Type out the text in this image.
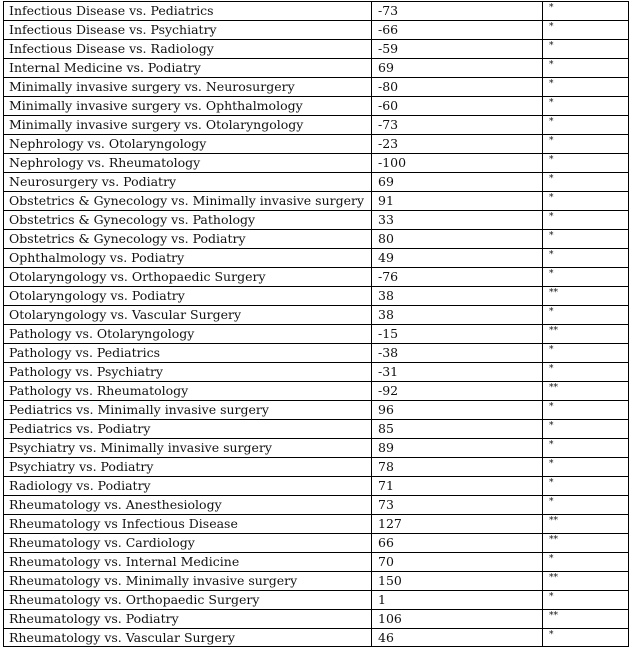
Infectious Disease vs. Pediatrics	-73	*
Infectious Disease vs. Psychiatry	-66	*
Infectious Disease vs. Radiology	-59	*
Internal Medicine vs. Podiatry	69	*
Minimally invasive surgery vs. Neurosurgery	-80	*
Minimally invasive surgery vs. Ophthalmology	-60	*
Minimally invasive surgery vs. Otolaryngology	-73	*
Nephrology vs. Otolaryngology	-23	*
Nephrology vs. Rheumatology	-100	*
Neurosurgery vs. Podiatry	69	*
Obstetrics & Gynecology vs. Minimally invasive surgery	91	*
Obstetrics & Gynecology vs. Pathology	33	*
Obstetrics & Gynecology vs. Podiatry	80	*
Ophthalmology vs. Podiatry	49	*
Otolaryngology vs. Orthopaedic Surgery	-76	*
Otolaryngology vs. Podiatry	38	**
Otolaryngology vs. Vascular Surgery	38	*
Pathology vs. Otolaryngology	-15	**
Pathology vs. Pediatrics	-38	*
Pathology vs. Psychiatry	-31	*
Pathology vs. Rheumatology	-92	**
Pediatrics vs. Minimally invasive surgery	96	*
Pediatrics vs. Podiatry	85	*
Psychiatry vs. Minimally invasive surgery	89	*
Psychiatry vs. Podiatry	78	*
Radiology vs. Podiatry	71	*
Rheumatology vs. Anesthesiology	73	*
Rheumatology vs Infectious Disease	127	**
Rheumatology vs. Cardiology	66	**
Rheumatology vs. Internal Medicine	70	*
Rheumatology vs. Minimally invasive surgery	150	**
Rheumatology vs. Orthopaedic Surgery	1	*
Rheumatology vs. Podiatry	106	**
Rheumatology vs. Vascular Surgery	46	*
